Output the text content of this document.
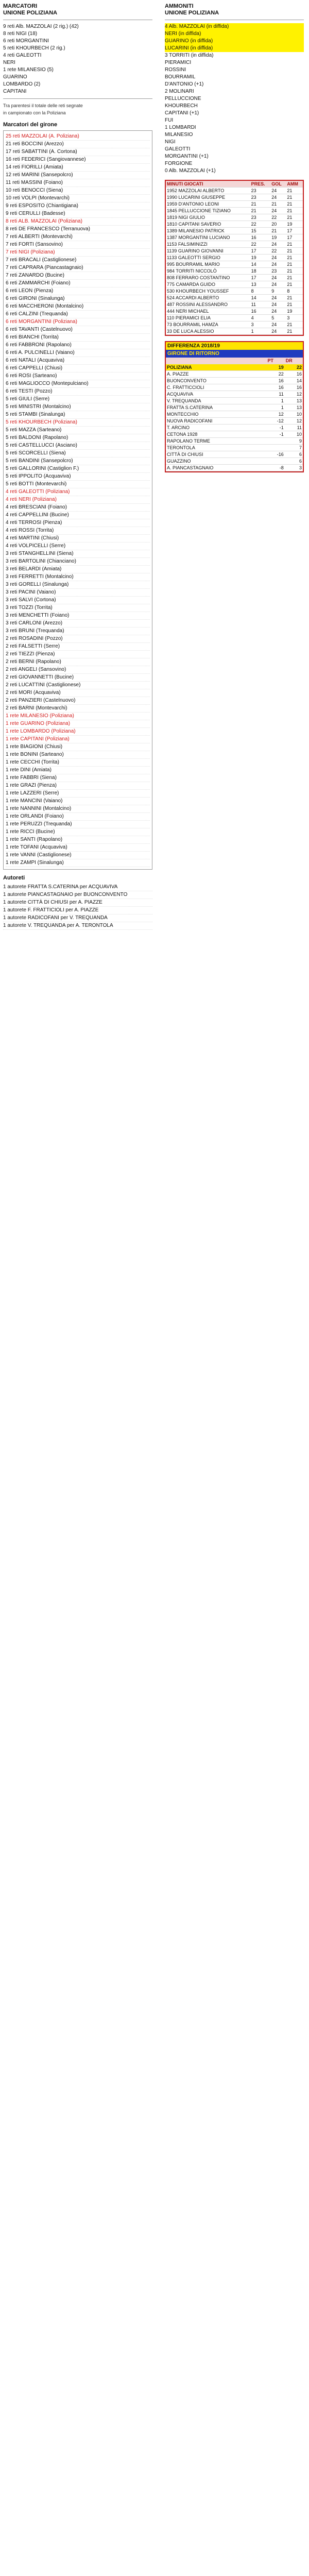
MARCATORI
UNIONE POLIZIANA
9 reti Alb. MAZZOLAI (2 rig.) (42)
8 reti NIGI (18)
6 reti MORGANTINI
5 reti KHOURBECH (2 rig.)
4 reti GALEOTTI
NERI
1 rete MILANESIO (5)
GUARINO
LOMBARDO (2)
CAPITANI
Tra parentesi il totale delle reti segnate
in campionato con la Poliziana
Marcatori del girone
25 reti MAZZOLAI (A. Poliziana)
21 reti BOCCINI (Arezzo)
17 reti SABATTINI (A. Cortona)
16 reti FEDERICI (Sangiovannese)
14 reti FIORILLI (Amiata)
12 reti MARINI (Sansepolcro)
11 reti MASSINI (Foiano)
10 reti BENOCCI (Siena)
10 reti VOLPI (Montevarchi)
9 reti ESPOSITO (Chiantigiana)
9 reti CERULLI (Badesse)
8 reti ALB. MAZZOLAI (Poliziana)
8 reti DE FRANCESCO (Terranuova)
7 reti ALBERTI (Montevarchi)
7 reti FORTI (Sansovino)
7 reti NIGI (Poliziana)
7 reti BRACALI (Castiglionese)
7 reti CAPRARA (Piancastagnaio)
7 reti ZANARDO (Bucine)
6 reti ZAMMARCHI (Foiano)
6 reti LEON (Pienza)
6 reti GIRONI (Sinalunga)
6 reti MACCHERONI (Montalcino)
6 reti CALZINI (Trequanda)
6 reti MORGANTINI (Poliziana)
6 reti TAVANTI (Castelnuovo)
6 reti BIANCHI (Torrita)
6 reti FABBRONI (Rapolano)
6 reti A. PULCINELLI (Vaiano)
6 reti NATALI (Acquaviva)
6 reti CAPPELLI (Chiusi)
6 reti ROSI (Sarteano)
6 reti MAGLIOCCO (Montepulciano)
6 reti TESTI (Pozzo)
5 reti GIULI (Serre)
5 reti MINISTRI (Montalcino)
5 reti STAMBI (Sinalunga)
5 reti KHOURBECH (Poliziana)
5 reti MAZZA (Sarteano)
5 reti BALDONI (Rapolano)
5 reti CASTELLUCCI (Asciano)
5 reti SCORCELLI (Siena)
5 reti BANDINI (Sansepolcro)
5 reti GALLORINI (Castiglion F.)
5 reti IPPOLITO (Acquaviva)
5 reti BOTTI (Montevarchi)
4 reti GALEOTTI (Poliziana)
4 reti NERI (Poliziana)
4 reti BRESCIANI (Foiano)
4 reti CAPPELLINI (Bucine)
4 reti TERROSI (Pienza)
4 reti ROSSI (Torrita)
4 reti MARTINI (Chiusi)
4 reti VOLPICELLI (Serre)
3 reti STANGHELLINI (Siena)
3 reti BARTOLINI (Chianciano)
3 reti BELARDI (Amiata)
3 reti FERRETTI (Montalcino)
3 reti GORELLI (Sinalunga)
3 reti PACINI (Vaiano)
3 reti SALVI (Cortona)
3 reti TOZZI (Torrita)
3 reti MENCHETTI (Foiano)
3 reti CARLONI (Arezzo)
3 reti BRUNI (Trequanda)
2 reti ROSADINI (Pozzo)
2 reti FALSETTI (Serre)
2 reti TIEZZI (Pienza)
2 reti BERNI (Rapolano)
2 reti ANGELI (Sansovino)
2 reti GIOVANNETTI (Bucine)
2 reti LUCATTINI (Castiglionese)
2 reti MORI (Acquaviva)
2 reti PANZIERI (Castelnuovo)
2 reti BARNI (Montevarchi)
1 rete MILANESIO (Poliziana)
1 rete GUARINO (Poliziana)
1 rete LOMBARDO (Poliziana)
1 rete CAPITANI (Poliziana)
1 rete BIAGIONI (Chiusi)
1 rete BONINI (Sarteano)
1 rete CECCHI (Torrita)
1 rete DINI (Amiata)
1 rete FABBRI (Siena)
1 rete GRAZI (Pienza)
1 rete LAZZERI (Serre)
1 rete MANCINI (Vaiano)
1 rete NANNINI (Montalcino)
1 rete ORLANDI (Foiano)
1 rete PERUZZI (Trequanda)
1 rete RICCI (Bucine)
1 rete SANTI (Rapolano)
1 rete TOFANI (Acquaviva)
1 rete VANNI (Castiglionese)
1 rete ZAMPI (Sinalunga)
Autoreti
1 autorete FRATTA S.CATERINA per ACQUAVIVA
1 autorete PIANCASTAGNAIO per BUONCONVENTO
1 autorete CITTÀ DI CHIUSI per A. PIAZZE
1 autorete F. FRATTICIOLI per A. PIAZZE
1 autorete RADICOFANI per V. TREQUANDA
1 autorete V. TREQUANDA per A. TERONTOLA
AMMONITI
UNIONE POLIZIANA
4 Alb. MAZZOLAI (in diffida)
NERI (in diffida)
GUARINO (in diffida)
LUCARINI (in diffida)
3 TORRITI (in diffida)
PIERAMICI
ROSSINI
BOURRAMIL
D'ANTONIO (+1)
2 MOLINARI
PELLUCCIONE
KHOURBECH
CAPITANI (+1)
FUI
1 LOMBARDI
MILANESIO
NIGI
GALEOTTI
MORGANTINI (+1)
FORGIONE
0 Alb. MAZZOLAI (+1)
MINUTI GIOCATI	PRES.	GOL	AMM
1952 MAZZOLAI ALBERTO	23	24	21
1990 LUCARINI GIUSEPPE	23	24	21
1959 D'ANTONIO LEONI	21	21	21
1845 PELLUCCIONE TIZIANO	21	24	21
1819 NIGI GIULIO	23	22	21
1810 CAPITANI SAVERIO	22	20	19
1389 MILANESIO PATRICK	15	21	17
1387 MORGANTINI LUCIANO	16	19	17
1153 FALSIMINIZZI	22	24	21
1139 GUARINO GIOVANNI	17	22	21
1133 GALEOTTI SERGIO	19	24	21
995 BOURRAMIL MARIO	14	24	21
984 TORRITI NICCOLÒ	18	23	21
808 FERRARO COSTANTINO	17	24	21
775 CAMARDA GUIDO	13	24	21
530 KHOURBECH YOUSSEF	8	9	8
524 ACCARDI ALBERTO	14	24	21
487 ROSSINI ALESSANDRO	11	24	21
444 NERI MICHAEL	16	24	19
110 PIERAMICI ELIA	4	5	3
73 BOURRAMIL HAMZA	3	24	21
33 DE LUCA ALESSIO	1	24	21
DIFFERENZA 2018/19
GIRONE DI RITORNO
	PT	DR
POLIZIANA	19	22
A. PIAZZE	22	16
BUONCONVENTO	16	14
C. FRATTICCIOLI	16	16
ACQUAVIVA	11	12
V. TREQUANDA	1	13
FRATTA S.CATERINA	1	13
MONTECCHIO	12	10
NUOVA RADICOFANI	-12	12
T. ARCINO	-1	11
CETONA 1928	-1	10
RAPOLANO TERME		9
TERONTOLA		7
CITTÀ DI CHIUSI	-16	6
GUAZZINO		6
A. PIANCASTAGNAIO	-8	3
